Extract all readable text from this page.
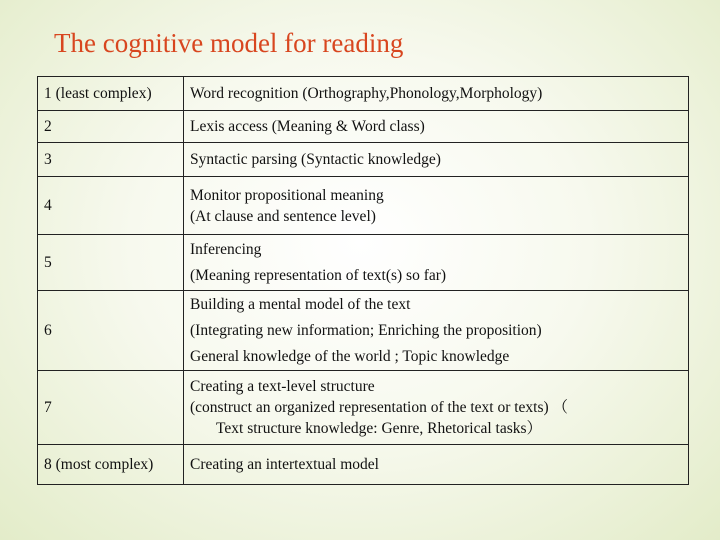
The cognitive model for reading
1 (least complex)	Word recognition (Orthography,Phonology,Morphology)

2	Lexis access (Meaning & Word class)

3	Syntactic parsing (Syntactic knowledge)

4	Monitor propositional meaning
(At clause and sentence level)

5	Inferencing
(Meaning representation of text(s) so far)

6	Building a mental model of the text
(Integrating new information; Enriching the proposition)
General knowledge of the world ; Topic knowledge

7	Creating a text-level structure
(construct an organized representation of the text or texts) （
Text structure knowledge: Genre, Rhetorical tasks）

8 (most complex)	Creating an intertextual model
